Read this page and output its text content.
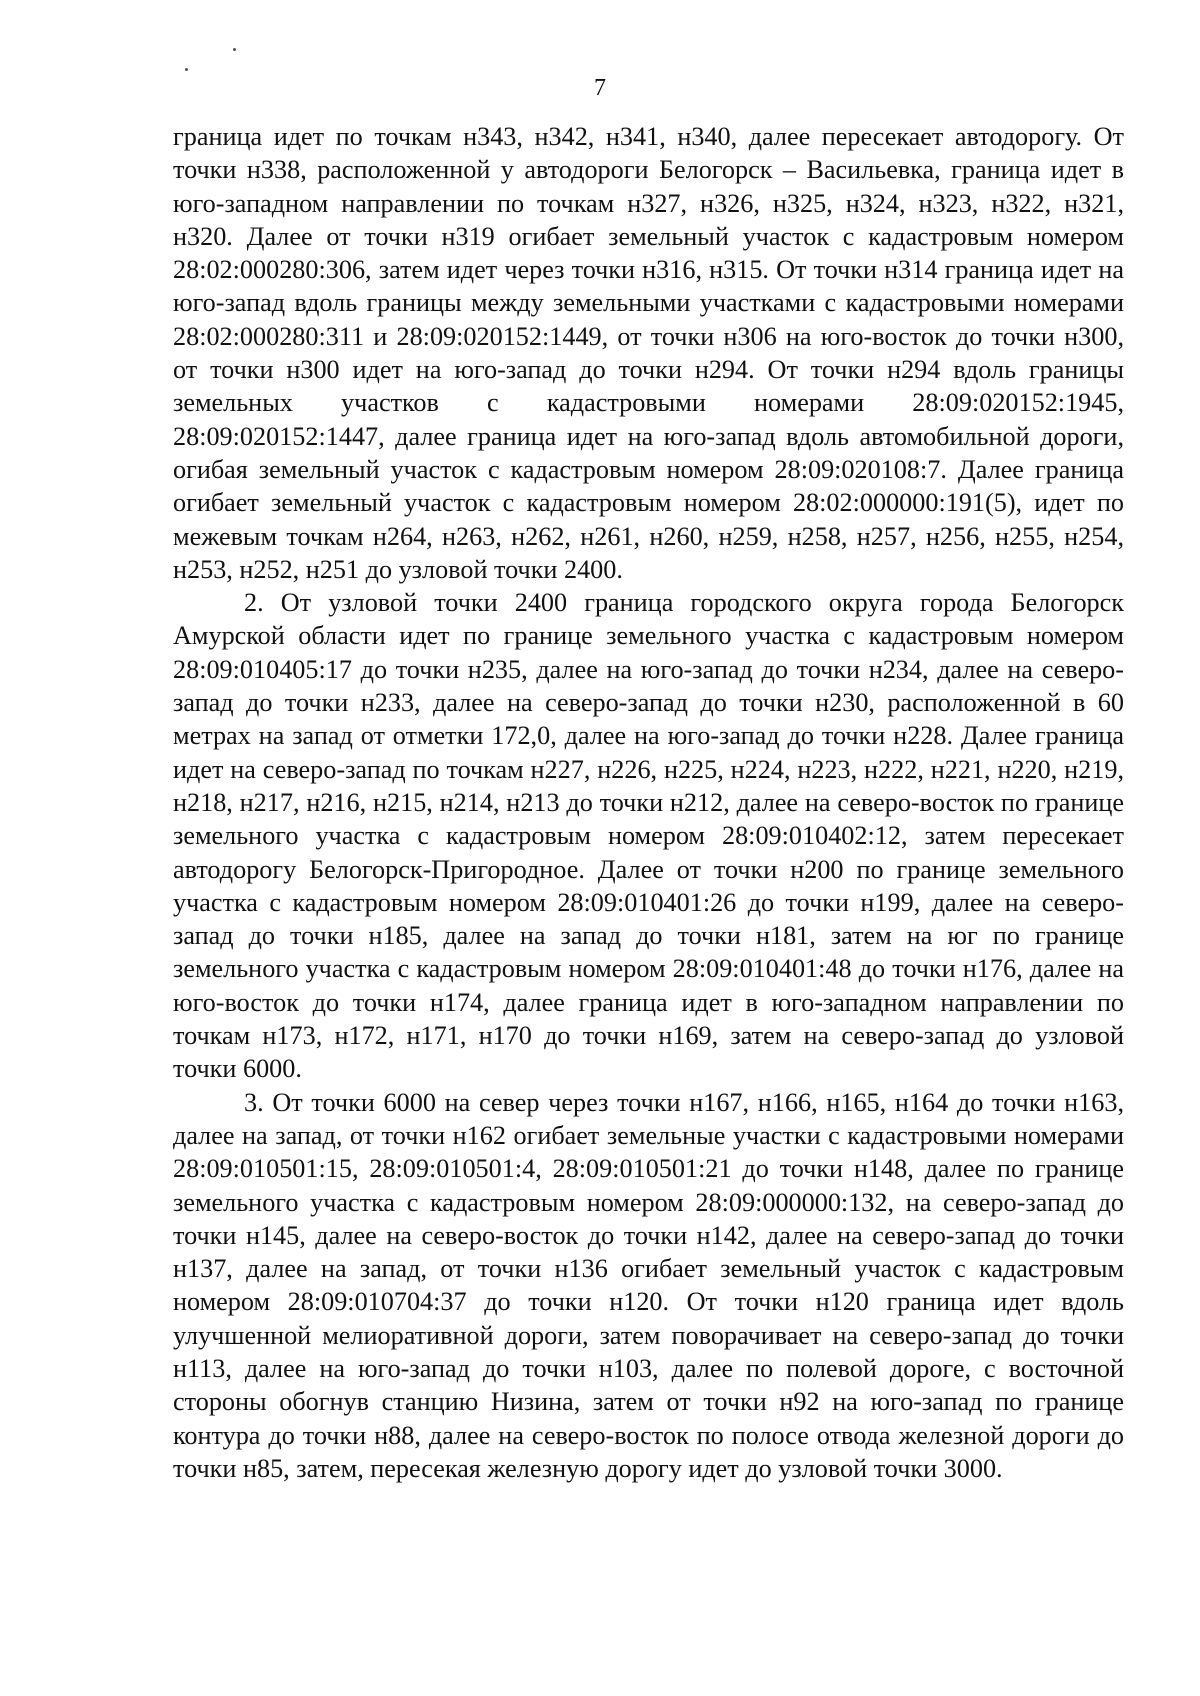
7

граница идет по точкам н343, н342, н341, н340, далее пересекает автодорогу. От точки н338, расположенной у автодороги Белогорск – Васильевка, граница идет в юго-западном направлении по точкам н327, н326, н325, н324, н323, н322, н321, н320. Далее от точки н319 огибает земельный участок с кадастровым номером 28:02:000280:306, затем идет через точки н316, н315. От точки н314 граница идет на юго-запад вдоль границы между земельными участками с кадастровыми номерами 28:02:000280:311 и 28:09:020152:1449, от точки н306 на юго-восток до точки н300, от точки н300 идет на юго-запад до точки н294. От точки н294 вдоль границы земельных участков с кадастровыми номерами 28:09:020152:1945, 28:09:020152:1447, далее граница идет на юго-запад вдоль автомобильной дороги, огибая земельный участок с кадастровым номером 28:09:020108:7. Далее граница огибает земельный участок с кадастровым номером 28:02:000000:191(5), идет по межевым точкам н264, н263, н262, н261, н260, н259, н258, н257, н256, н255, н254, н253, н252, н251 до узловой точки 2400.

2. От узловой точки 2400 граница городского округа города Белогорск Амурской области идет по границе земельного участка с кадастровым номером 28:09:010405:17 до точки н235, далее на юго-запад до точки н234, далее на северо-запад до точки н233, далее на северо-запад до точки н230, расположенной в 60 метрах на запад от отметки 172,0, далее на юго-запад до точки н228. Далее граница идет на северо-запад по точкам н227, н226, н225, н224, н223, н222, н221, н220, н219, н218, н217, н216, н215, н214, н213 до точки н212, далее на северо-восток по границе земельного участка с кадастровым номером 28:09:010402:12, затем пересекает автодорогу Белогорск-Пригородное. Далее от точки н200 по границе земельного участка с кадастровым номером 28:09:010401:26 до точки н199, далее на северо-запад до точки н185, далее на запад до точки н181, затем на юг по границе земельного участка с кадастровым номером 28:09:010401:48 до точки н176, далее на юго-восток до точки н174, далее граница идет в юго-западном направлении по точкам н173, н172, н171, н170 до точки н169, затем на северо-запад до узловой точки 6000.

3. От точки 6000 на север через точки н167, н166, н165, н164 до точки н163, далее на запад, от точки н162 огибает земельные участки с кадастровыми номерами 28:09:010501:15, 28:09:010501:4, 28:09:010501:21 до точки н148, далее по границе земельного участка с кадастровым номером 28:09:000000:132, на северо-запад до точки н145, далее на северо-восток до точки н142, далее на северо-запад до точки н137, далее на запад, от точки н136 огибает земельный участок с кадастровым номером 28:09:010704:37 до точки н120. От точки н120 граница идет вдоль улучшенной мелиоративной дороги, затем поворачивает на северо-запад до точки н113, далее на юго-запад до точки н103, далее по полевой дороге, с восточной стороны обогнув станцию Низина, затем от точки н92 на юго-запад по границе контура до точки н88, далее на северо-восток по полосе отвода железной дороги до точки н85, затем, пересекая железную дорогу идет до узловой точки 3000.
